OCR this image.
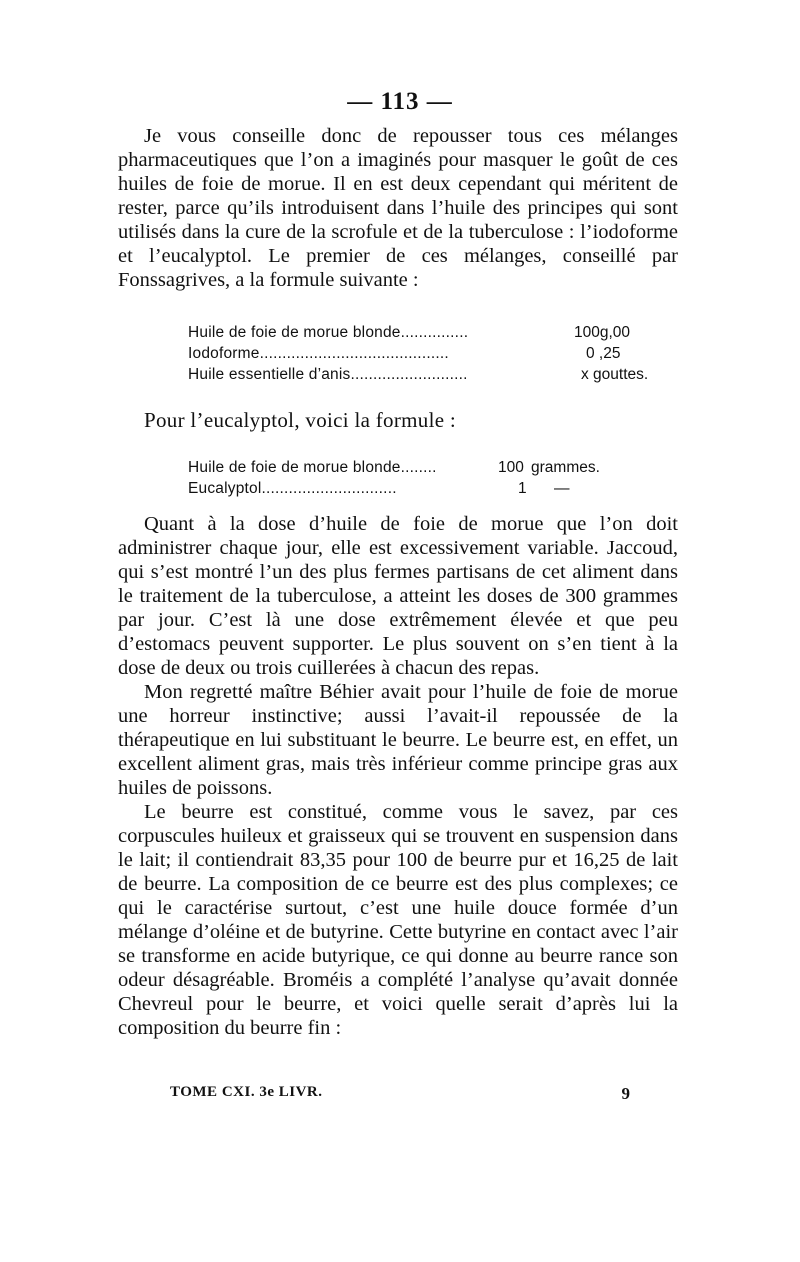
— 113 —

Je vous conseille donc de repousser tous ces mélanges pharmaceutiques que l’on a imaginés pour masquer le goût de ces huiles de foie de morue. Il en est deux cependant qui méritent de rester, parce qu’ils introduisent dans l’huile des principes qui sont utilisés dans la cure de la scrofule et de la tuberculose : l’iodoforme et l’eucalyptol. Le premier de ces mélanges, conseillé par Fonssagrives, a la formule suivante :

Huile de foie de morue blonde...............	100g,00
Iodoforme..........................................	0 ,25
Huile essentielle d’anis..........................	x gouttes.
Pour l’eucalyptol, voici la formule :
Huile de foie de morue blonde........	100 grammes.
Eucalyptol..............................	1 —

Quant à la dose d’huile de foie de morue que l’on doit administrer chaque jour, elle est excessivement variable. Jaccoud, qui s’est montré l’un des plus fermes partisans de cet aliment dans le traitement de la tuberculose, a atteint les doses de 300 grammes par jour. C’est là une dose extrêmement élevée et que peu d’estomacs peuvent supporter. Le plus souvent on s’en tient à la dose de deux ou trois cuillerées à chacun des repas.

Mon regretté maître Béhier avait pour l’huile de foie de morue une horreur instinctive; aussi l’avait-il repoussée de la thérapeutique en lui substituant le beurre. Le beurre est, en effet, un excellent aliment gras, mais très inférieur comme principe gras aux huiles de poissons.

Le beurre est constitué, comme vous le savez, par ces corpuscules huileux et graisseux qui se trouvent en suspension dans le lait; il contiendrait 83,35 pour 100 de beurre pur et 16,25 de lait de beurre. La composition de ce beurre est des plus complexes; ce qui le caractérise surtout, c’est une huile douce formée d’un mélange d’oléine et de butyrine. Cette butyrine en contact avec l’air se transforme en acide butyrique, ce qui donne au beurre rance son odeur désagréable. Broméis a complété l’analyse qu’avait donnée Chevreul pour le beurre, et voici quelle serait d’après lui la composition du beurre fin :

TOME CXI. 3e LIVR.	9
